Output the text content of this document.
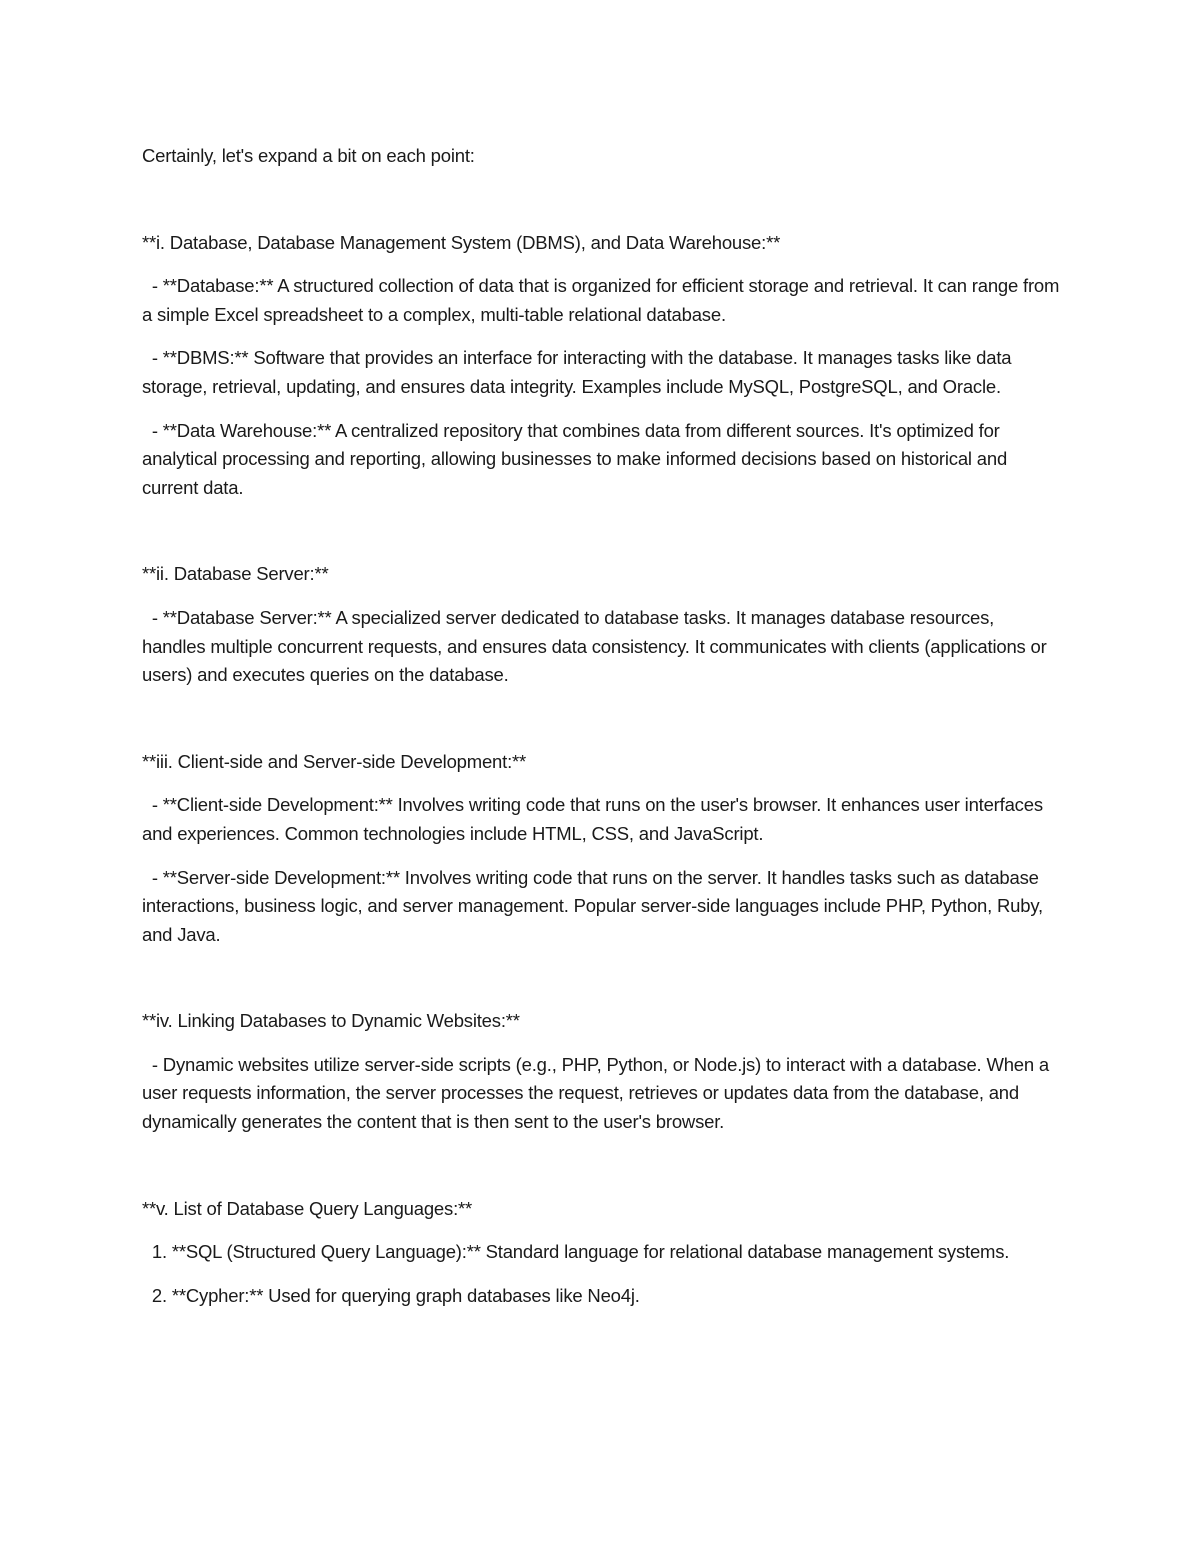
Certainly, let's expand a bit on each point:

**i. Database, Database Management System (DBMS), and Data Warehouse:**

- **Database:** A structured collection of data that is organized for efficient storage and retrieval. It can range from a simple Excel spreadsheet to a complex, multi-table relational database.

- **DBMS:** Software that provides an interface for interacting with the database. It manages tasks like data storage, retrieval, updating, and ensures data integrity. Examples include MySQL, PostgreSQL, and Oracle.

- **Data Warehouse:** A centralized repository that combines data from different sources. It's optimized for analytical processing and reporting, allowing businesses to make informed decisions based on historical and current data.

**ii. Database Server:**

- **Database Server:** A specialized server dedicated to database tasks. It manages database resources, handles multiple concurrent requests, and ensures data consistency. It communicates with clients (applications or users) and executes queries on the database.

**iii. Client-side and Server-side Development:**

- **Client-side Development:** Involves writing code that runs on the user's browser. It enhances user interfaces and experiences. Common technologies include HTML, CSS, and JavaScript.

- **Server-side Development:** Involves writing code that runs on the server. It handles tasks such as database interactions, business logic, and server management. Popular server-side languages include PHP, Python, Ruby, and Java.

**iv. Linking Databases to Dynamic Websites:**

- Dynamic websites utilize server-side scripts (e.g., PHP, Python, or Node.js) to interact with a database. When a user requests information, the server processes the request, retrieves or updates data from the database, and dynamically generates the content that is then sent to the user's browser.

**v. List of Database Query Languages:**

1. **SQL (Structured Query Language):** Standard language for relational database management systems.

2. **Cypher:** Used for querying graph databases like Neo4j.
